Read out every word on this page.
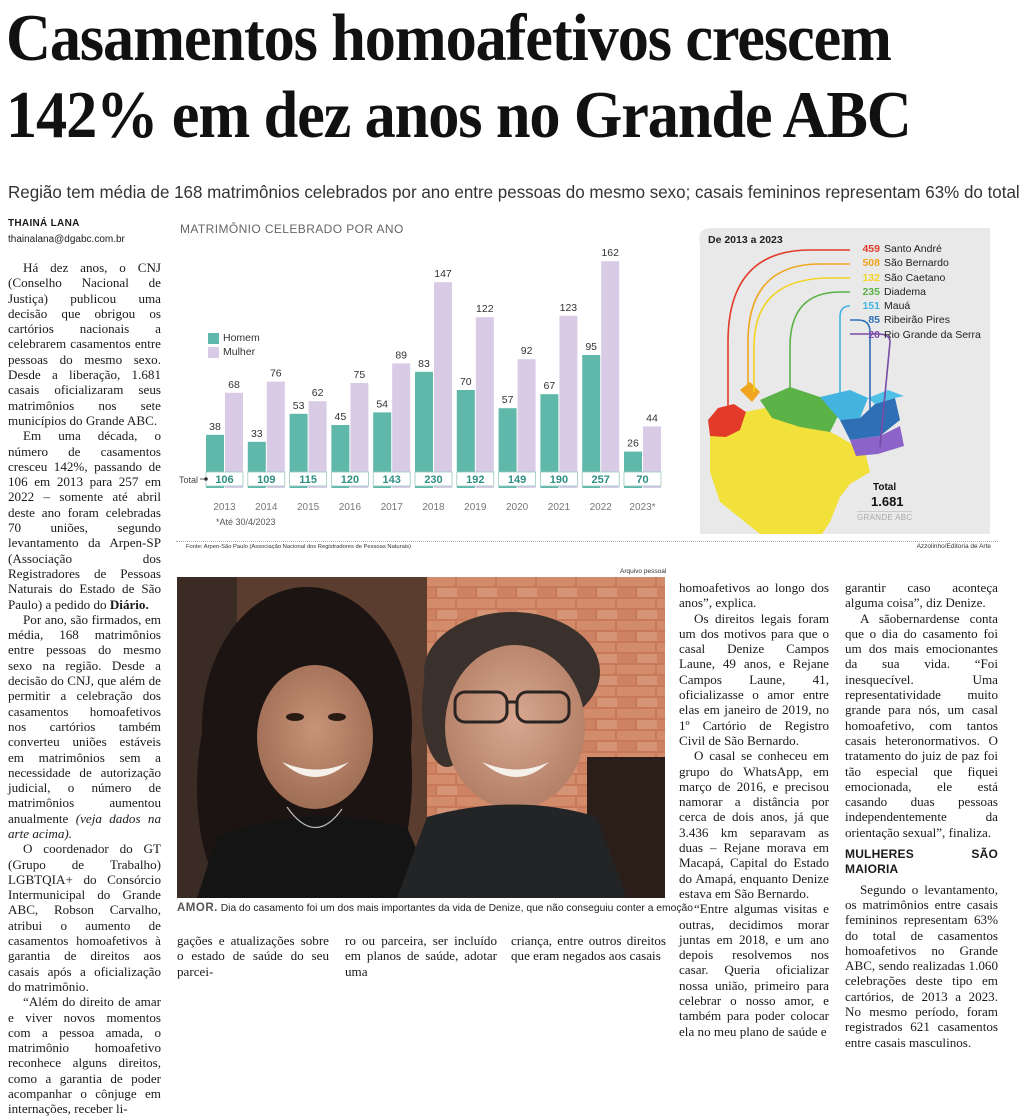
Casamentos homoafetivos crescem
142% em dez anos no Grande ABC
Região tem média de 168 matrimônios celebrados por ano entre pessoas do mesmo sexo; casais femininos representam 63% do total
THAINÁ LANA
thainalana@dgabc.com.br

Há dez anos, o CNJ (Conselho Nacional de Justiça) publicou uma decisão que obrigou os cartórios nacionais a celebrarem casamentos entre pessoas do mesmo sexo. Desde a liberação, 1.681 casais oficializaram seus matrimônios nos sete municípios do Grande ABC.

Em uma década, o número de casamentos cresceu 142%, passando de 106 em 2013 para 257 em 2022 – somente até abril deste ano foram celebradas 70 uniões, segundo levantamento da Arpen-SP (Associação dos Registradores de Pessoas Naturais do Estado de São Paulo) a pedido do Diário.

Por ano, são firmados, em média, 168 matrimônios entre pessoas do mesmo sexo na região. Desde a decisão do CNJ, que além de permitir a celebração dos casamentos homoafetivos nos cartórios também converteu uniões estáveis em matrimônios sem a necessidade de autorização judicial, o número de matrimônios aumentou anualmente (veja dados na arte acima).

O coordenador do GT (Grupo de Trabalho) LGBTQIA+ do Consórcio Intermunicipal do Grande ABC, Robson Carvalho, atribui o aumento de casamentos homoafetivos à garantia de direitos aos casais após a oficialização do matrimônio.

“Além do direito de amar e viver novos momentos com a pessoa amada, o matrimônio homoafetivo reconhece alguns direitos, como a garantia de poder acompanhar o cônjuge em internações, receber li-

MATRIMÔNIO CELEBRADO POR ANO
38
68
106
2013
33
76
109
2014
53
62
115
2015
45
75
120
2016
54
89
143
2017
83
147
230
2018
70
122
192
2019
57
92
149
2020
67
123
190
2021
95
162
257
2022
26
44
70
2023*
Total
Homem
Mulher
*Até 30/4/2023
De 2013 a 2023
459 Santo André
508 São Bernardo
132 São Caetano
235 Diadema
151 Mauá
85 Ribeirão Pires
20 Rio Grande da Serra
Total
1.681
GRANDE ABC
Fonte: Arpen-São Paulo (Associação Nacional dos Registradores de Pessoas Naturais)	Azzolinho/Editoria de Arte
Arquivo pessoal
AMOR. Dia do casamento foi um dos mais importantes da vida de Denize, que não conseguiu conter a emoção

gações e atualizações sobre o estado de saúde do seu parcei-

ro ou parceira, ser incluído em planos de saúde, adotar uma

criança, entre outros direitos que eram negados aos casais

homoafetivos ao longo dos anos”, explica.

Os direitos legais foram um dos motivos para que o casal Denize Campos Laune, 49 anos, e Rejane Campos Laune, 41, oficializasse o amor entre elas em janeiro de 2019, no 1º Cartório de Registro Civil de São Bernardo.

O casal se conheceu em grupo do WhatsApp, em março de 2016, e precisou namorar a distância por cerca de dois anos, já que 3.436 km separavam as duas – Rejane morava em Macapá, Capital do Estado do Amapá, enquanto Denize estava em São Bernardo.

“Entre algumas visitas e outras, decidimos morar juntas em 2018, e um ano depois resolvemos nos casar. Queria oficializar nossa união, primeiro para celebrar o nosso amor, e também para poder colocar ela no meu plano de saúde e

garantir caso aconteça alguma coisa”, diz Denize.

A sãobernardense conta que o dia do casamento foi um dos mais emocionantes da sua vida. “Foi inesquecível. Uma representatividade muito grande para nós, um casal homoafetivo, com tantos casais heteronormativos. O tratamento do juiz de paz foi tão especial que fiquei emocionada, ele está casando duas pessoas independentemente da orientação sexual”, finaliza.

MULHERES SÃO MAIORIA

Segundo o levantamento, os matrimônios entre casais femininos representam 63% do total de casamentos homoafetivos no Grande ABC, sendo realizadas 1.060 celebrações deste tipo em cartórios, de 2013 a 2023. No mesmo período, foram registrados 621 casamentos entre casais masculinos.
